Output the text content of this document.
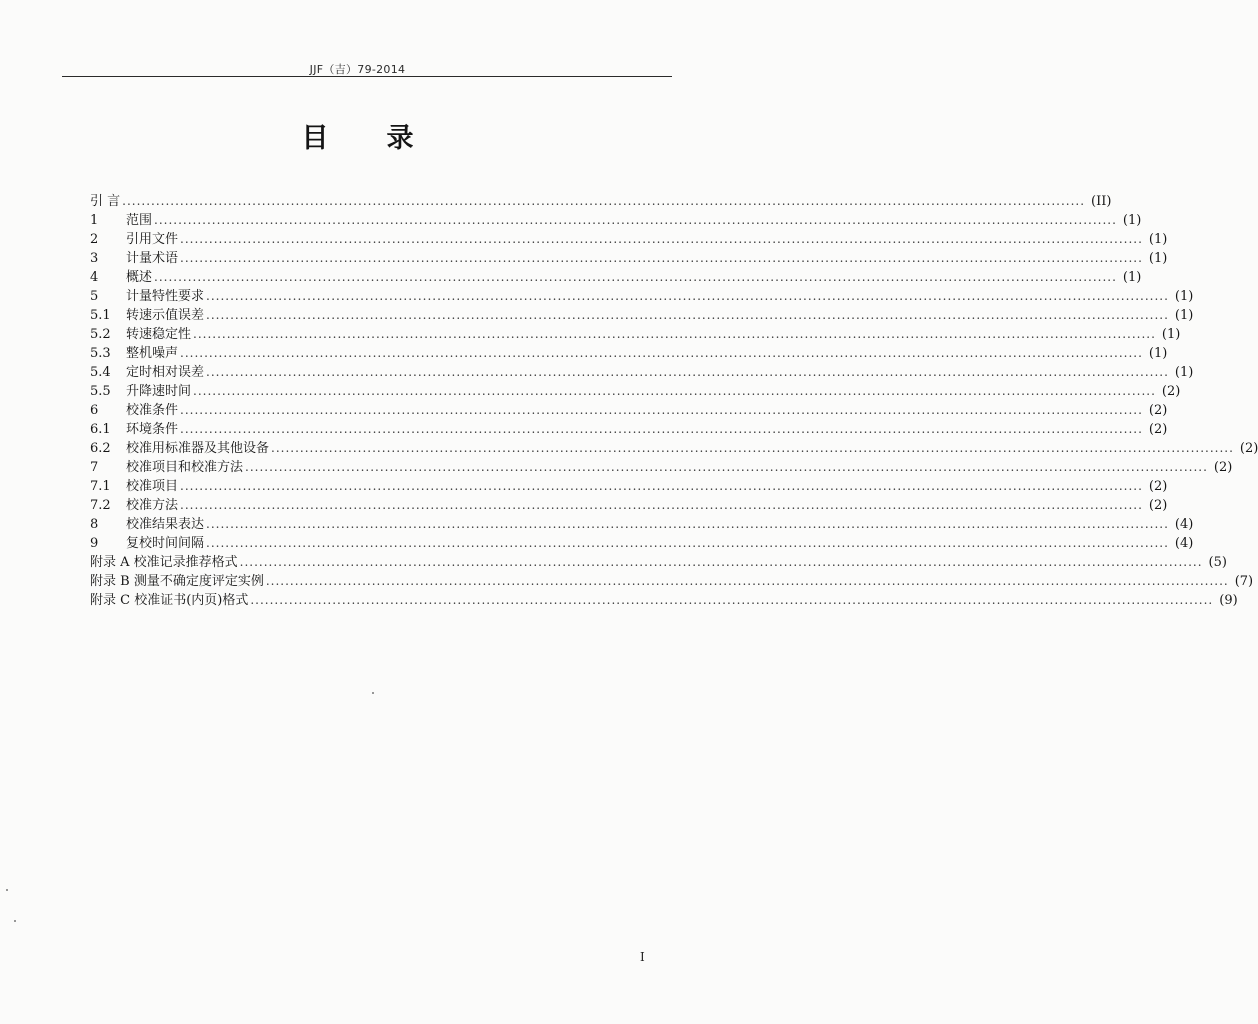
JJF（吉）79-2014
目录
引 言 ........................................................................................................................................................................................................ (II)
1	范围 ........................................................................................................................................................................................................ (1)
2	引用文件 ........................................................................................................................................................................................................ (1)
3	计量术语 ........................................................................................................................................................................................................ (1)
4	概述 ........................................................................................................................................................................................................ (1)
5	计量特性要求 ........................................................................................................................................................................................................ (1)
5.1	转速示值误差 ........................................................................................................................................................................................................ (1)
5.2	转速稳定性 ........................................................................................................................................................................................................ (1)
5.3	整机噪声 ........................................................................................................................................................................................................ (1)
5.4	定时相对误差 ........................................................................................................................................................................................................ (1)
5.5	升降速时间 ........................................................................................................................................................................................................ (2)
6	校准条件 ........................................................................................................................................................................................................ (2)
6.1	环境条件 ........................................................................................................................................................................................................ (2)
6.2	校准用标准器及其他设备 ........................................................................................................................................................................................................ (2)
7	校准项目和校准方法 ........................................................................................................................................................................................................ (2)
7.1	校准项目 ........................................................................................................................................................................................................ (2)
7.2	校准方法 ........................................................................................................................................................................................................ (2)
8	校准结果表达 ........................................................................................................................................................................................................ (4)
9	复校时间间隔 ........................................................................................................................................................................................................ (4)
附录 A 校准记录推荐格式 ........................................................................................................................................................................................................ (5)
附录 B 测量不确定度评定实例 ........................................................................................................................................................................................................ (7)
附录 C 校准证书(内页)格式 ........................................................................................................................................................................................................ (9)
I
